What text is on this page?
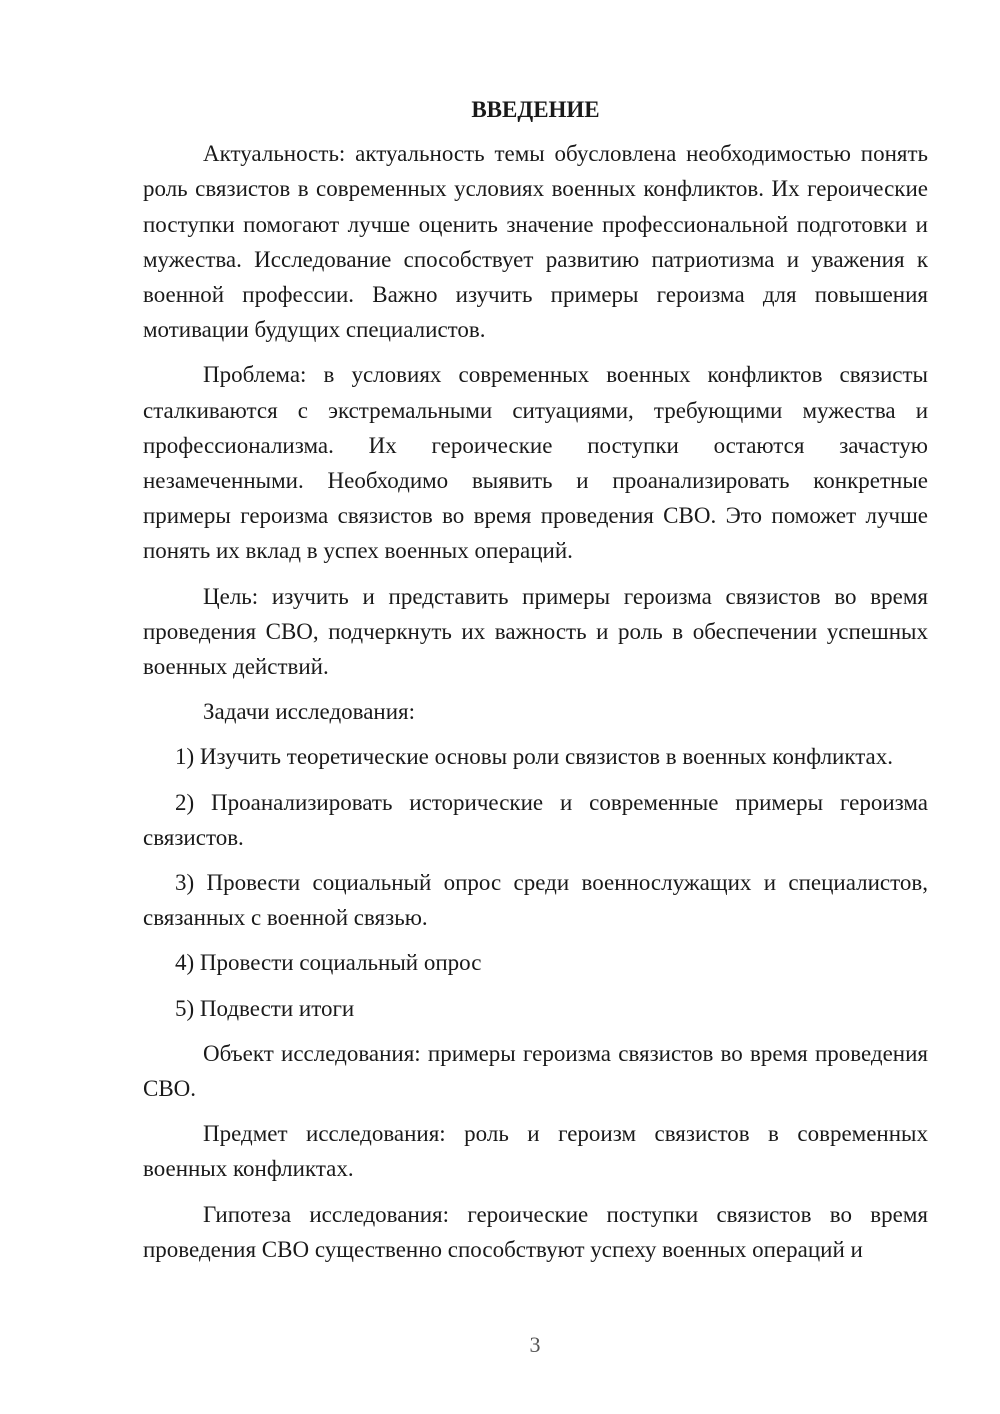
ВВЕДЕНИЕ

Актуальность: актуальность темы обусловлена необходимостью понять роль связистов в современных условиях военных конфликтов. Их героические поступки помогают лучше оценить значение профессиональной подготовки и мужества. Исследование способствует развитию патриотизма и уважения к военной профессии. Важно изучить примеры героизма для повышения мотивации будущих специалистов.

Проблема: в условиях современных военных конфликтов связисты сталкиваются с экстремальными ситуациями, требующими мужества и профессионализма. Их героические поступки остаются зачастую незамеченными. Необходимо выявить и проанализировать конкретные примеры героизма связистов во время проведения СВО. Это поможет лучше понять их вклад в успех военных операций.

Цель: изучить и представить примеры героизма связистов во время проведения СВО, подчеркнуть их важность и роль в обеспечении успешных военных действий.

Задачи исследования:

1) Изучить теоретические основы роли связистов в военных конфликтах.

2) Проанализировать исторические и современные примеры героизма связистов.

3) Провести социальный опрос среди военнослужащих и специалистов, связанных с военной связью.

4) Провести социальный опрос

5) Подвести итоги

Объект исследования: примеры героизма связистов во время проведения СВО.

Предмет исследования: роль и героизм связистов в современных военных конфликтах.

Гипотеза исследования: героические поступки связистов во время проведения СВО существенно способствуют успеху военных операций и

3
